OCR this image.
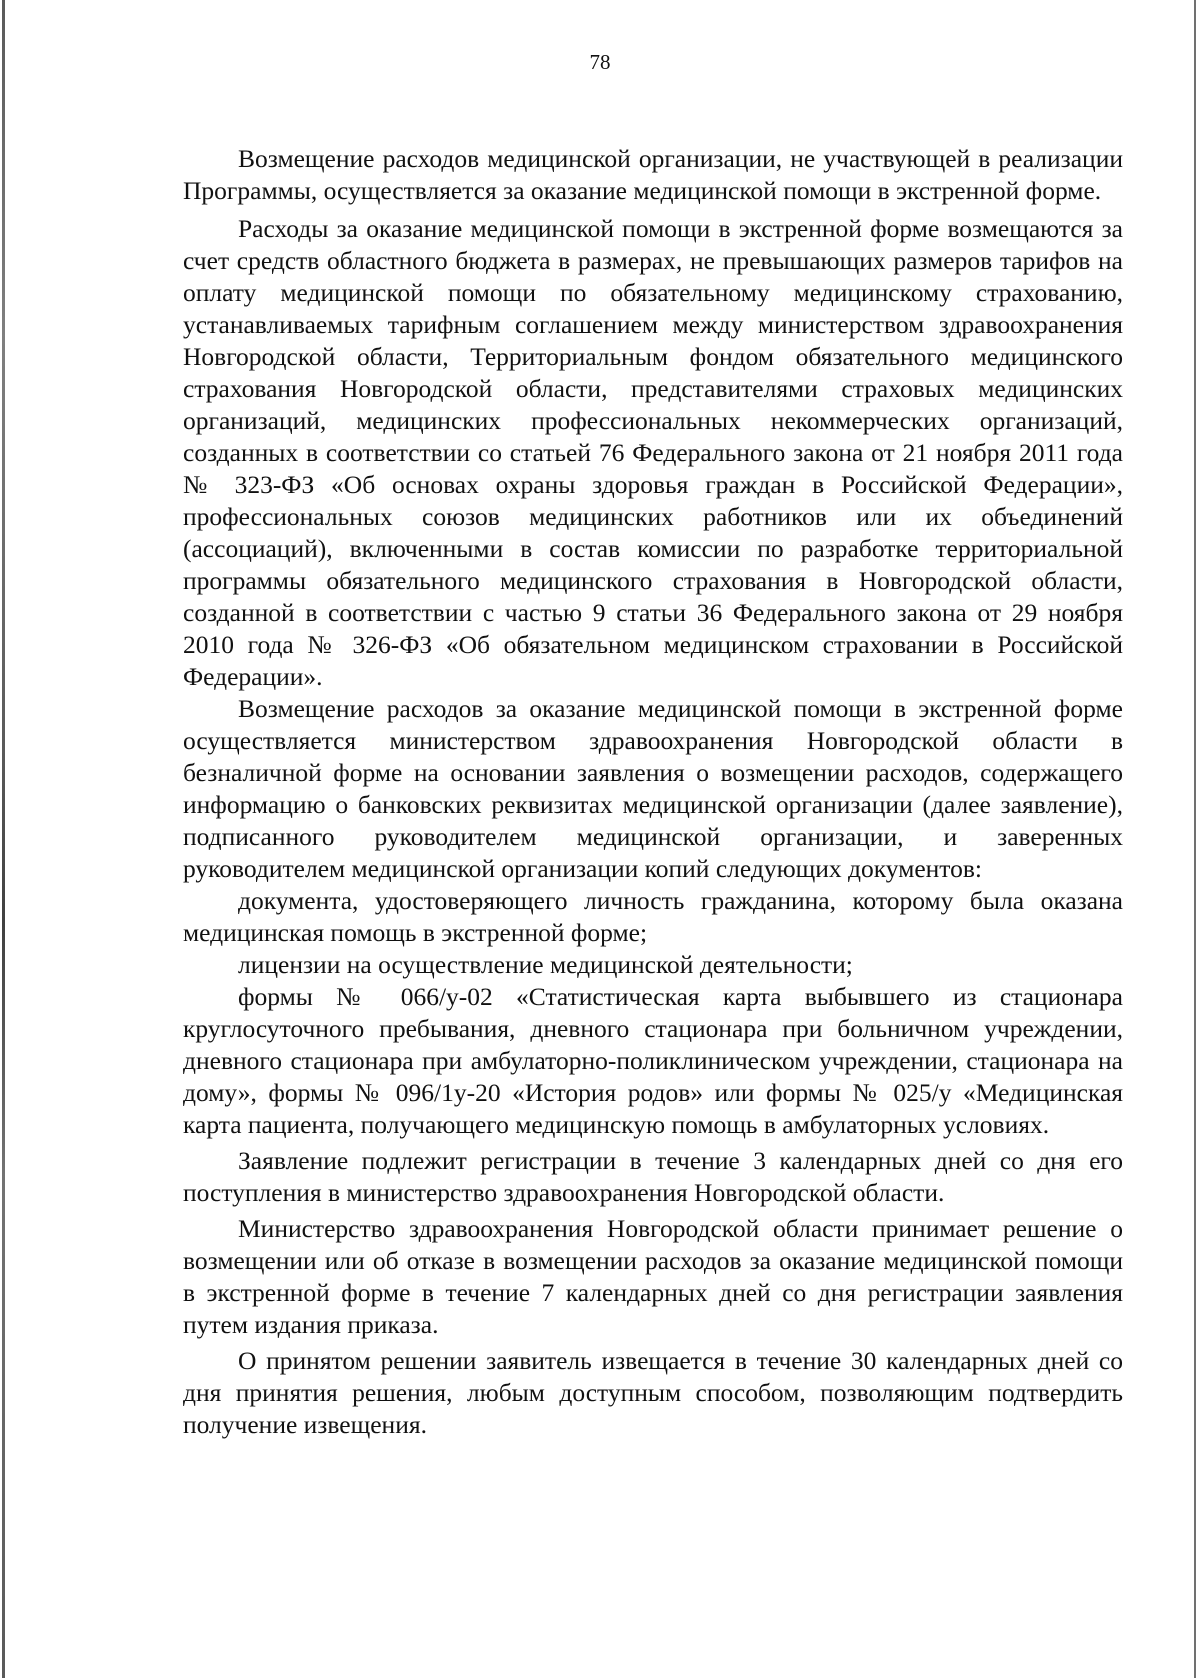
78

Возмещение расходов медицинской организации, не участвующей в реализации Программы, осуществляется за оказание медицинской помощи в экстренной форме.

Расходы за оказание медицинской помощи в экстренной форме возмещаются за счет средств областного бюджета в размерах, не превышающих размеров тарифов на оплату медицинской помощи по обязательному медицинскому страхованию, устанавливаемых тарифным соглашением между министерством здравоохранения Новгородской области, Территориальным фондом обязательного медицинского страхования Новгородской области, представителями страховых медицинских организаций, медицинских профессиональных некоммерческих организаций, созданных в соответствии со статьей 76 Федерального закона от 21 ноября 2011 года № 323-ФЗ «Об основах охраны здоровья граждан в Российской Федерации», профессиональных союзов медицинских работников или их объединений (ассоциаций), включенными в состав комиссии по разработке территориальной программы обязательного медицинского страхования в Новгородской области, созданной в соответствии с частью 9 статьи 36 Федерального закона от 29 ноября 2010 года № 326-ФЗ «Об обязательном медицинском страховании в Российской Федерации».

Возмещение расходов за оказание медицинской помощи в экстренной форме осуществляется министерством здравоохранения Новгородской области в безналичной форме на основании заявления о возмещении расходов, содержащего информацию о банковских реквизитах медицинской организации (далее заявление), подписанного руководителем медицинской организации, и заверенных руководителем медицинской организации копий следующих документов:

документа, удостоверяющего личность гражданина, которому была оказана медицинская помощь в экстренной форме;

лицензии на осуществление медицинской деятельности;

формы № 066/у-02 «Статистическая карта выбывшего из стационара круглосуточного пребывания, дневного стационара при больничном учреждении, дневного стационара при амбулаторно-поликлиническом учреждении, стационара на дому», формы № 096/1у-20 «История родов» или формы № 025/у «Медицинская карта пациента, получающего медицинскую помощь в амбулаторных условиях.

Заявление подлежит регистрации в течение 3 календарных дней со дня его поступления в министерство здравоохранения Новгородской области.

Министерство здравоохранения Новгородской области принимает решение о возмещении или об отказе в возмещении расходов за оказание медицинской помощи в экстренной форме в течение 7 календарных дней со дня регистрации заявления путем издания приказа.

О принятом решении заявитель извещается в течение 30 календарных дней со дня принятия решения, любым доступным способом, позволяющим подтвердить получение извещения.
